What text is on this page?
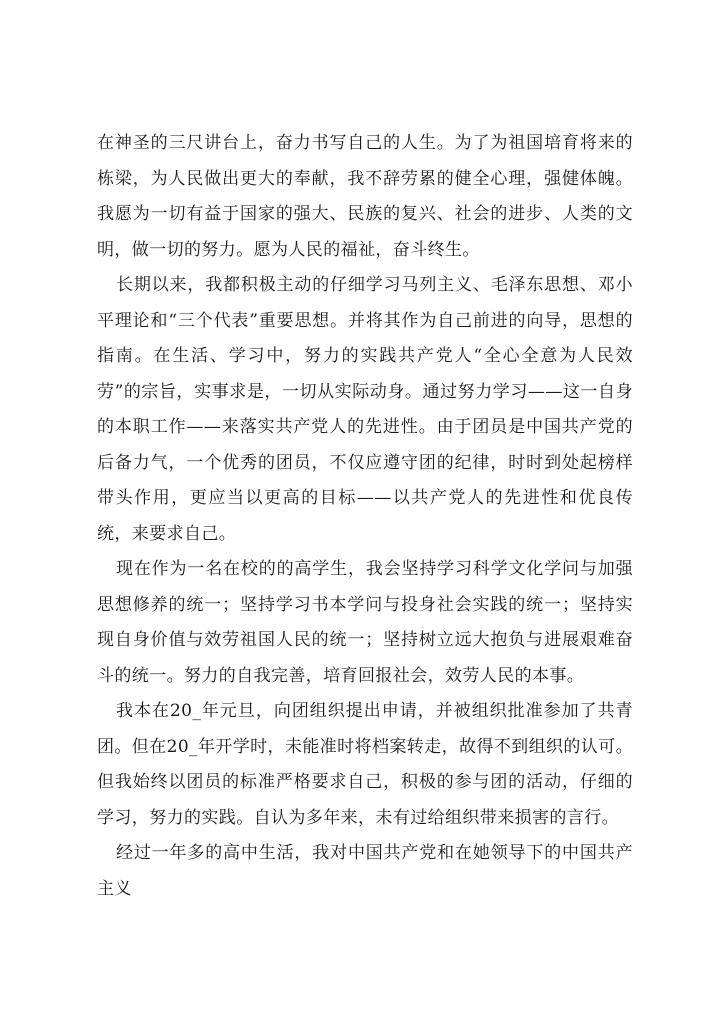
在神圣的三尺讲台上，奋力书写自己的人生。为了为祖国培育将来的栋梁，为人民做出更大的奉献，我不辞劳累的健全心理，强健体魄。我愿为一切有益于国家的强大、民族的复兴、社会的进步、人类的文明，做一切的努力。愿为人民的福祉，奋斗终生。

长期以来，我都积极主动的仔细学习马列主义、毛泽东思想、邓小平理论和“三个代表”重要思想。并将其作为自己前进的向导，思想的指南。在生活、学习中，努力的实践共产党人“全心全意为人民效劳”的宗旨，实事求是，一切从实际动身。通过努力学习——这一自身的本职工作——来落实共产党人的先进性。由于团员是中国共产党的后备力气，一个优秀的团员，不仅应遵守团的纪律，时时到处起榜样带头作用，更应当以更高的目标——以共产党人的先进性和优良传统，来要求自己。

现在作为一名在校的的高学生，我会坚持学习科学文化学问与加强思想修养的统一；坚持学习书本学问与投身社会实践的统一；坚持实现自身价值与效劳祖国人民的统一；坚持树立远大抱负与进展艰难奋斗的统一。努力的自我完善，培育回报社会，效劳人民的本事。

我本在20_年元旦，向团组织提出申请，并被组织批准参加了共青团。但在20_年开学时，未能准时将档案转走，故得不到组织的认可。但我始终以团员的标准严格要求自己，积极的参与团的活动，仔细的学习，努力的实践。自认为多年来，未有过给组织带来损害的言行。

经过一年多的高中生活，我对中国共产党和在她领导下的中国共产主义
